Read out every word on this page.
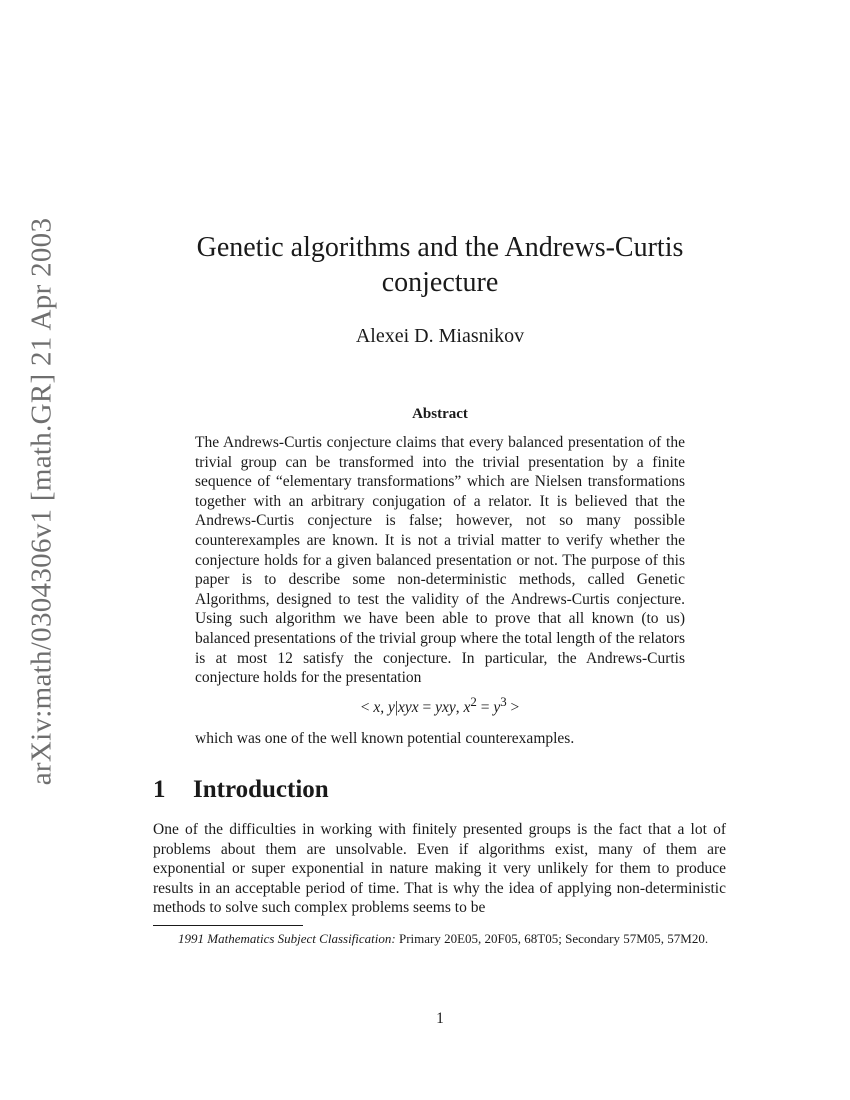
arXiv:math/0304306v1 [math.GR] 21 Apr 2003	Genetic algorithms and the Andrews-Curtis
conjecture
Alexei D. Miasnikov
Abstract

The Andrews-Curtis conjecture claims that every balanced presentation of the trivial group can be transformed into the trivial presentation by a finite sequence of “elementary transformations” which are Nielsen transformations together with an arbitrary conjugation of a relator. It is believed that the Andrews-Curtis conjecture is false; however, not so many possible counterexamples are known. It is not a trivial matter to verify whether the conjecture holds for a given balanced presentation or not. The purpose of this paper is to describe some non-deterministic methods, called Genetic Algorithms, designed to test the validity of the Andrews-Curtis conjecture. Using such algorithm we have been able to prove that all known (to us) balanced presentations of the trivial group where the total length of the relators is at most 12 satisfy the conjecture. In particular, the Andrews-Curtis conjecture holds for the presentation

< x, y|xyx = yxy, $x^2 = y^3$ >

which was one of the well known potential counterexamples.

1 Introduction

One of the difficulties in working with finitely presented groups is the fact that a lot of problems about them are unsolvable. Even if algorithms exist, many of them are exponential or super exponential in nature making it very unlikely for them to produce results in an acceptable period of time. That is why the idea of applying non-deterministic methods to solve such complex problems seems to be

1991 Mathematics Subject Classification: Primary 20E05, 20F05, 68T05; Secondary 57M05, 57M20.

1
